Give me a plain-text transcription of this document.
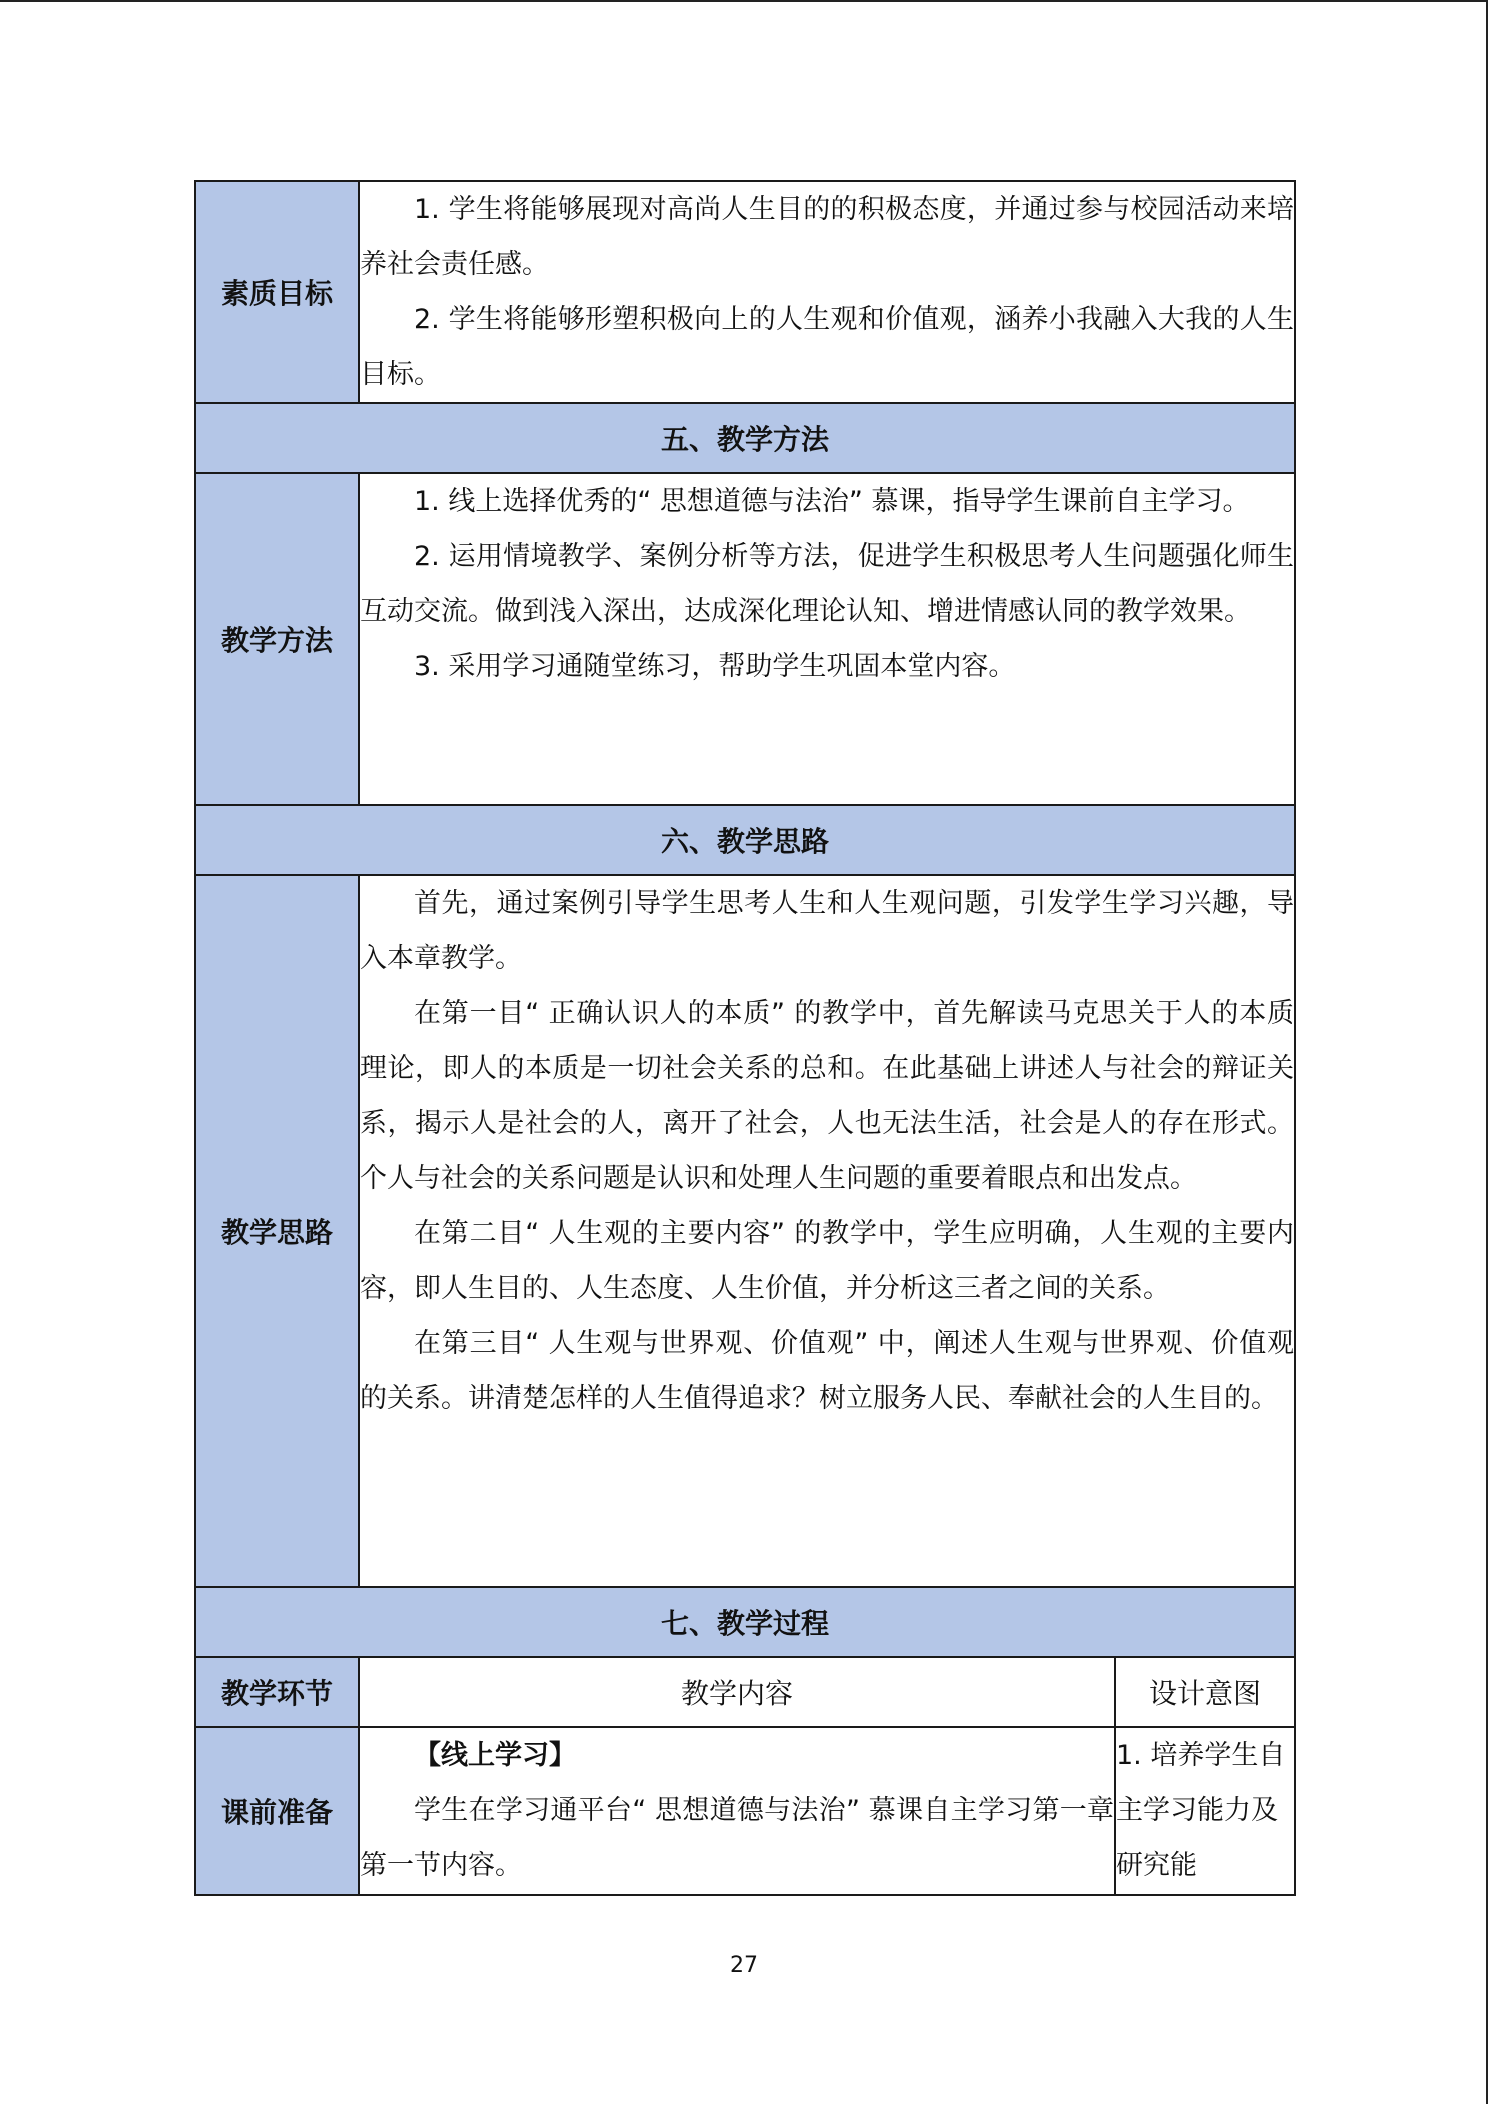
素质目标	1. 学生将能够展现对高尚人生目的的积极态度，并通过参与校园活动来培养社会责任感。

2. 学生将能够形塑积极向上的人生观和价值观，涵养小我融入大我的人生目标。	

五、教学方法		
教学方法	1. 线上选择优秀的“ 思想道德与法治” 慕课，指导学生课前自主学习。

2. 运用情境教学、案例分析等方法，促进学生积极思考人生问题强化师生互动交流。做到浅入深出，达成深化理论认知、增进情感认同的教学效果。

3. 采用学习通随堂练习，帮助学生巩固本堂内容。	

六、教学思路		
教学思路	首先，通过案例引导学生思考人生和人生观问题，引发学生学习兴趣，导入本章教学。

在第一目“ 正确认识人的本质” 的教学中，首先解读马克思关于人的本质理论，即人的本质是一切社会关系的总和。在此基础上讲述人与社会的辩证关系，揭示人是社会的人，离开了社会，人也无法生活，社会是人的存在形式。个人与社会的关系问题是认识和处理人生问题的重要着眼点和出发点。

在第二目“ 人生观的主要内容” 的教学中，学生应明确，人生观的主要内容，即人生目的、人生态度、人生价值，并分析这三者之间的关系。

在第三目“ 人生观与世界观、价值观” 中，阐述人生观与世界观、价值观的关系。讲清楚怎样的人生值得追求？树立服务人民、奉献社会的人生目的。	

七、教学过程		
教学环节	教学内容	设计意图
课前准备	【线上学习】

学生在学习通平台“ 思想道德与法治” 慕课自主学习第一章第一节内容。	1. 培养学生自主学习能力及研究能

27
